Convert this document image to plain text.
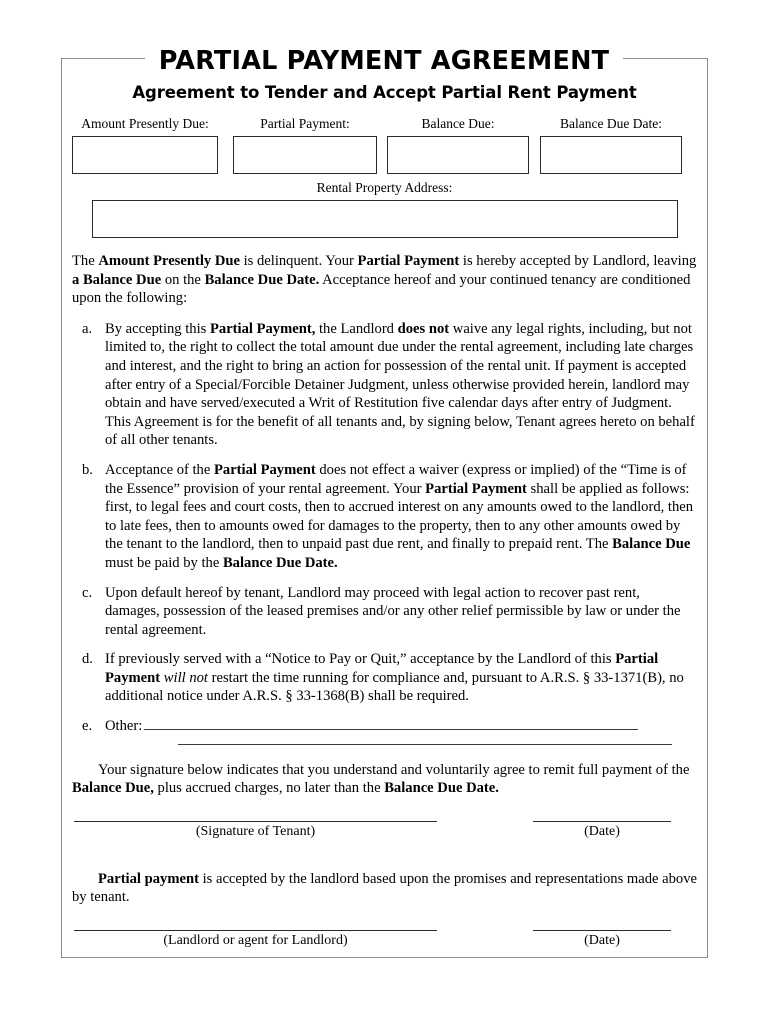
PARTIAL PAYMENT AGREEMENT
Agreement to Tender and Accept Partial Rent Payment
Amount Presently Due:	Partial Payment:	Balance Due:	Balance Due Date:
Rental Property Address:

The Amount Presently Due is delinquent. Your Partial Payment is hereby accepted by Landlord, leaving a Balance Due on the Balance Due Date. Acceptance hereof and your continued tenancy are conditioned upon the following:

a. By accepting this Partial Payment, the Landlord does not waive any legal rights, including, but not limited to, the right to collect the total amount due under the rental agreement, including late charges and interest, and the right to bring an action for possession of the rental unit. If payment is accepted after entry of a Special/Forcible Detainer Judgment, unless otherwise provided herein, landlord may obtain and have served/executed a Writ of Restitution five calendar days after entry of Judgment. This Agreement is for the benefit of all tenants and, by signing below, Tenant agrees hereto on behalf of all other tenants.
b. Acceptance of the Partial Payment does not effect a waiver (express or implied) of the “Time is of the Essence” provision of your rental agreement. Your Partial Payment shall be applied as follows: first, to legal fees and court costs, then to accrued interest on any amounts owed to the landlord, then to late fees, then to amounts owed for damages to the property, then to any other amounts owed by the tenant to the landlord, then to unpaid past due rent, and finally to prepaid rent. The Balance Due must be paid by the Balance Due Date.
c. Upon default hereof by tenant, Landlord may proceed with legal action to recover past rent, damages, possession of the leased premises and/or any other relief permissible by law or under the rental agreement.
d. If previously served with a “Notice to Pay or Quit,” acceptance by the Landlord of this Partial Payment will not restart the time running for compliance and, pursuant to A.R.S. § 33-1371(B), no additional notice under A.R.S. § 33-1368(B) shall be required.
e. Other:

Your signature below indicates that you understand and voluntarily agree to remit full payment of the Balance Due, plus accrued charges, no later than the Balance Due Date.

(Signature of Tenant)	(Date)

Partial payment is accepted by the landlord based upon the promises and representations made above by tenant.

(Landlord or agent for Landlord)	(Date)
